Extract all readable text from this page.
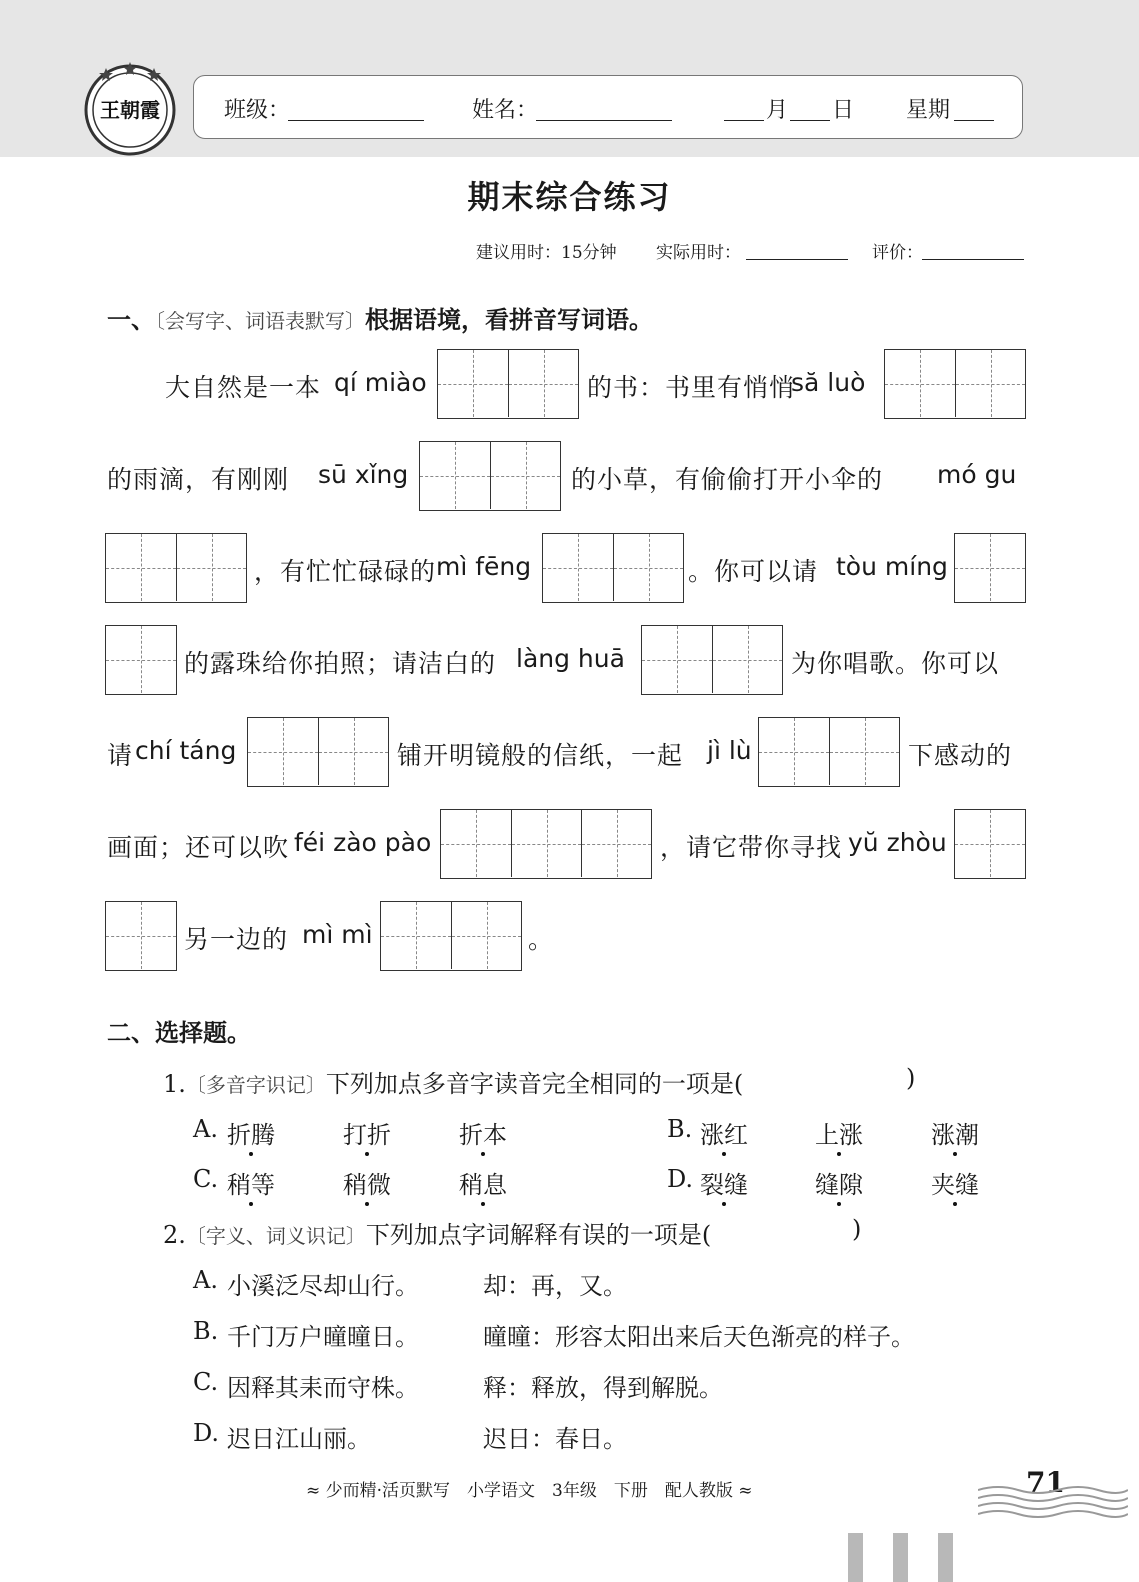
王朝霞	班级：	姓名：	月 日 星期
期末综合练习
建议用时：15分钟 实际用时：	评价：
一、〔会写字、词语表默写〕根据语境，看拼音写词语。
大自然是一本 qí miào	的书：书里有悄悄
să luò
的雨滴，有刚刚 sū xǐng	的小草，有偷偷打开小伞的 mó gu
，有忙忙碌碌的 mì fēng	。你可以请 tòu míng
的露珠给你拍照；请洁白的 làng huā	为你唱歌。你可以
请 chí táng	铺开明镜般的信纸，一起 jì lù	下感动的
画面；还可以吹 féi zào pào	，请它带你寻找 yŭ zhòu
另一边的 mì mì	。
二、选择题。
1.〔多音字识记〕下列加点多音字读音完全相同的一项是(	)
A. 折腾	打折	折本	B. 涨红	上涨	涨潮
C. 稍等	稍微	稍息	D. 裂缝	缝隙	夹缝
2.〔字义、词义识记〕下列加点字词解释有误的一项是(	)
A. 小溪泛尽却山行。	却：再，又。
B. 千门万户曈曈日。	曈曈：形容太阳出来后天色渐亮的样子。
C. 因释其耒而守株。	释：释放，得到解脱。
D. 迟日江山丽。	迟日：春日。
≈ 少而精·活页默写　小学语文　3年级　下册　配人教版 ≈	71
